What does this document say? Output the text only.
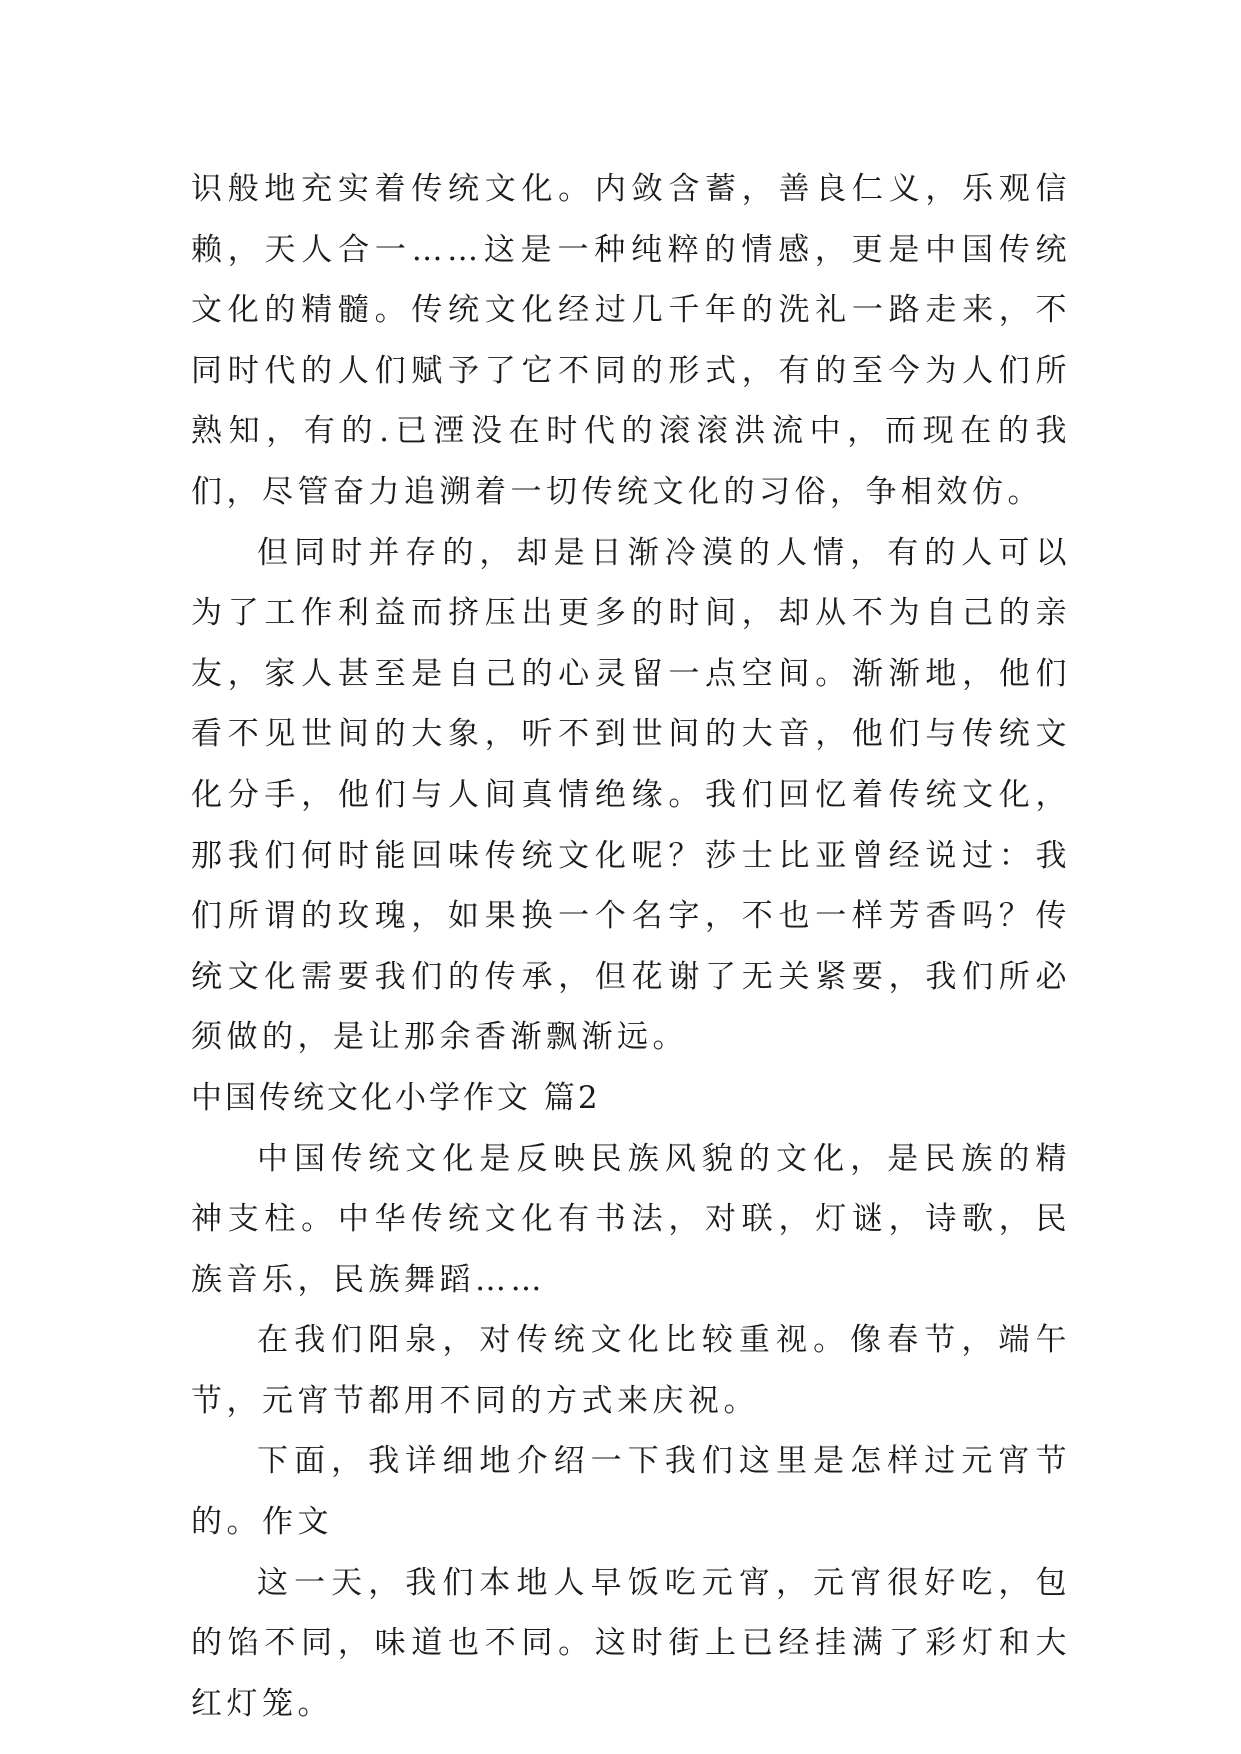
识般地充实着传统文化。内敛含蓄，善良仁义，乐观信赖，天人合一……这是一种纯粹的情感，更是中国传统文化的精髓。传统文化经过几千年的洗礼一路走来，不同时代的人们赋予了它不同的形式，有的至今为人们所熟知，有的.已湮没在时代的滚滚洪流中，而现在的我们，尽管奋力追溯着一切传统文化的习俗，争相效仿。

但同时并存的，却是日渐冷漠的人情，有的人可以为了工作利益而挤压出更多的时间，却从不为自己的亲友，家人甚至是自己的心灵留一点空间。渐渐地，他们看不见世间的大象，听不到世间的大音，他们与传统文化分手，他们与人间真情绝缘。我们回忆着传统文化，那我们何时能回味传统文化呢？莎士比亚曾经说过：我们所谓的玫瑰，如果换一个名字，不也一样芳香吗？传统文化需要我们的传承，但花谢了无关紧要，我们所必须做的，是让那余香渐飘渐远。

中国传统文化小学作文 篇2

中国传统文化是反映民族风貌的文化，是民族的精神支柱。中华传统文化有书法，对联，灯谜，诗歌，民族音乐，民族舞蹈……

在我们阳泉，对传统文化比较重视。像春节，端午节，元宵节都用不同的方式来庆祝。

下面，我详细地介绍一下我们这里是怎样过元宵节的。作文

这一天，我们本地人早饭吃元宵，元宵很好吃，包的馅不同，味道也不同。这时街上已经挂满了彩灯和大红灯笼。
